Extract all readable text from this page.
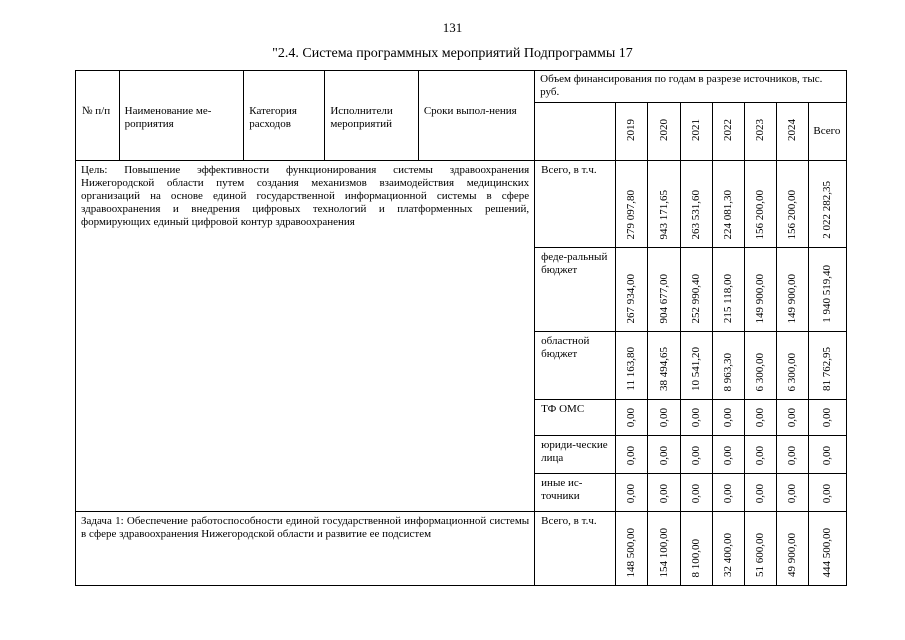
131
"2.4. Система программных мероприятий Подпрограммы 17
№ п/п	Наименование ме-роприятия	Категория расходов	Исполнители мероприятий	Сроки выпол-нения	Объем финансирования по годам в разрезе источников, тыс. руб.							
						2019	2020	2021	2022	2023	2024	Всего
Цель: Повышение эффективности функционирования системы здравоохранения Нижегородской области путем создания механизмов взаимодействия медицинских организаций на основе единой государственной информационной системы в сфере здравоохранения и внедрения цифровых технологий и платформенных решений, формирующих единый цифровой контур здравоохранения					Всего, в т.ч.	279 097,80	943 171,65	263 531,60	224 081,30	156 200,00	156 200,00	2 022 282,35
					феде-ральный бюджет	267 934,00	904 677,00	252 990,40	215 118,00	149 900,00	149 900,00	1 940 519,40
					областной бюджет	11 163,80	38 494,65	10 541,20	8 963,30	6 300,00	6 300,00	81 762,95
					ТФ ОМС	0,00	0,00	0,00	0,00	0,00	0,00	0,00
					юриди-ческие лица	0,00	0,00	0,00	0,00	0,00	0,00	0,00
					иные ис-точники	0,00	0,00	0,00	0,00	0,00	0,00	0,00
Задача 1: Обеспечение работоспособности единой государственной информационной системы в сфере здравоохранения Нижегородской области и развитие ее подсистем					Всего, в т.ч.	148 500,00	154 100,00	8 100,00	32 400,00	51 600,00	49 900,00	444 500,00
